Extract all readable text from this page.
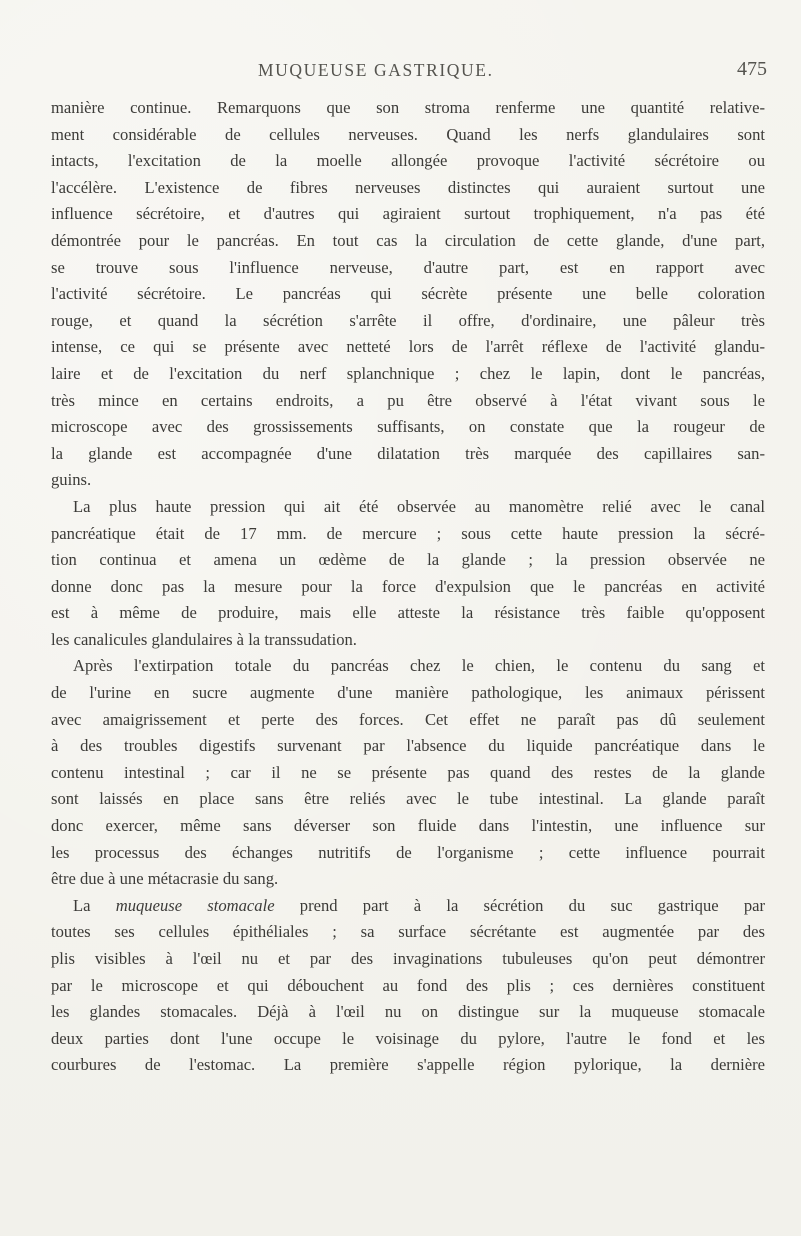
MUQUEUSE GASTRIQUE.	475
manière continue. Remarquons que son stroma renferme une quantité relative-
ment considérable de cellules nerveuses. Quand les nerfs glandulaires sont
intacts, l'excitation de la moelle allongée provoque l'activité sécrétoire ou
l'accélère. L'existence de fibres nerveuses distinctes qui auraient surtout une
influence sécrétoire, et d'autres qui agiraient surtout trophiquement, n'a pas été
démontrée pour le pancréas. En tout cas la circulation de cette glande, d'une part,
se trouve sous l'influence nerveuse, d'autre part, est en rapport avec
l'activité sécrétoire. Le pancréas qui sécrète présente une belle coloration
rouge, et quand la sécrétion s'arrête il offre, d'ordinaire, une pâleur très
intense, ce qui se présente avec netteté lors de l'arrêt réflexe de l'activité glandu-
laire et de l'excitation du nerf splanchnique ; chez le lapin, dont le pancréas,
très mince en certains endroits, a pu être observé à l'état vivant sous le
microscope avec des grossissements suffisants, on constate que la rougeur de
la glande est accompagnée d'une dilatation très marquée des capillaires san-
guins.
La plus haute pression qui ait été observée au manomètre relié avec le canal
pancréatique était de 17 mm. de mercure ; sous cette haute pression la sécré-
tion continua et amena un œdème de la glande ; la pression observée ne
donne donc pas la mesure pour la force d'expulsion que le pancréas en activité
est à même de produire, mais elle atteste la résistance très faible qu'opposent
les canalicules glandulaires à la transsudation.
Après l'extirpation totale du pancréas chez le chien, le contenu du sang et
de l'urine en sucre augmente d'une manière pathologique, les animaux périssent
avec amaigrissement et perte des forces. Cet effet ne paraît pas dû seulement
à des troubles digestifs survenant par l'absence du liquide pancréatique dans le
contenu intestinal ; car il ne se présente pas quand des restes de la glande
sont laissés en place sans être reliés avec le tube intestinal. La glande paraît
donc exercer, même sans déverser son fluide dans l'intestin, une influence sur
les processus des échanges nutritifs de l'organisme ; cette influence pourrait
être due à une métacrasie du sang.
La muqueuse stomacale prend part à la sécrétion du suc gastrique par
toutes ses cellules épithéliales ; sa surface sécrétante est augmentée par des
plis visibles à l'œil nu et par des invaginations tubuleuses qu'on peut démontrer
par le microscope et qui débouchent au fond des plis ; ces dernières constituent
les glandes stomacales. Déjà à l'œil nu on distingue sur la muqueuse stomacale
deux parties dont l'une occupe le voisinage du pylore, l'autre le fond et les
courbures de l'estomac. La première s'appelle région pylorique, la dernière
